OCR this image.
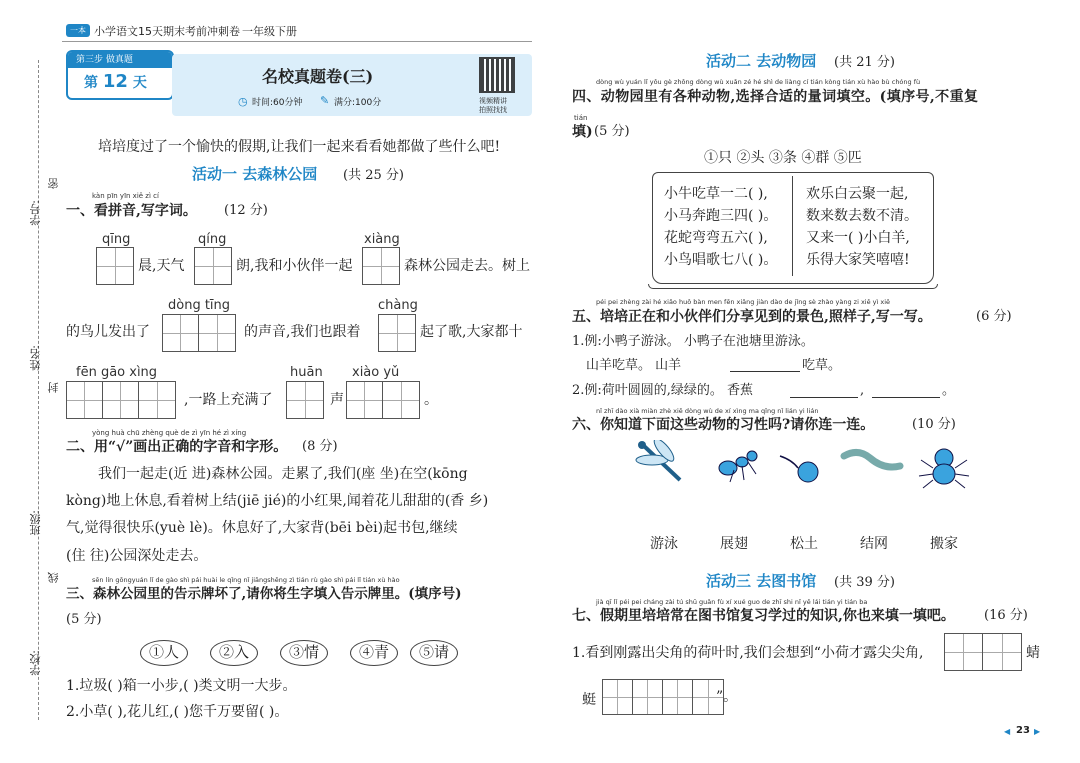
一本 小学语文15天期末考前冲刺卷 一年级下册
第三步 做真题
第 12 天	名校真题卷(三)
◷ 时间:60分钟 ✎ 满分:100分	视频精讲
拍照找找
密
学号:
姓名:
封
班级:
线
学校:
培培度过了一个愉快的假期,让我们一起来看看她都做了些什么吧!
活动一 去森林公园 (共 25 分)
kàn pīn yīn xiě zì cí
一、看拼音,写字词。 (12 分)
qīng
晨,天气
qíng
朗,我和小伙伴一起
xiàng
森林公园走去。树上
dòng tīng
的鸟儿发出了	的声音,我们也跟着
chàng
起了歌,大家都十
fēn gāo xìng
,一路上充满了
huān
声
xiào yǔ
。
yòng huà chū zhèng què de zì yīn hé zì xíng
二、用“√”画出正确的字音和字形。 (8 分)
我们一起走(近 进)森林公园。走累了,我们(座 坐)在空(kōng
kòng)地上休息,看着树上结(jiē jié)的小红果,闻着花儿甜甜的(香 乡)
气,觉得很快乐(yuè lè)。休息好了,大家背(bēi bèi)起书包,继续
(住 往)公园深处走去。
sēn lín gōngyuán lǐ de gào shì pái huài le qǐng nǐ jiāngshēng zì tián rù gào shì pái lǐ tián xù hào
三、森林公园里的告示牌坏了,请你将生字填入告示牌里。(填序号)
(5 分)
①人	②入	③情	④青	⑤请
1.垃圾( )箱一小步,( )类文明一大步。
2.小草( ),花儿红,( )您千万要留( )。
活动二 去动物园 (共 21 分)
dòng wù yuán lǐ yǒu gè zhǒng dòng wù xuǎn zé hé shì de liàng cí tián kòng tián xù hào bù chóng fù
四、动物园里有各种动物,选择合适的量词填空。(填序号,不重复
tián
填) (5 分)
①只 ②头 ③条 ④群 ⑤匹
小牛吃草一二( ),
小马奔跑三四( )。
花蛇弯弯五六( ),
小鸟唱歌七八( )。
欢乐白云聚一起,
数来数去数不清。
又来一( )小白羊,
乐得大家笑嘻嘻!
péi pei zhèng zài hé xiǎo huǒ bàn men fēn xiǎng jiàn dào de jǐng sè zhào yàng zi xiě yì xiě
五、培培正在和小伙伴们分享见到的景色,照样子,写一写。	(6 分)
1.例:小鸭子游泳。 小鸭子在池塘里游泳。
山羊吃草。 山羊	吃草。
2.例:荷叶圆圆的,绿绿的。 香蕉	,	。
nǐ zhī dào xià miàn zhè xiē dòng wù de xí xìng ma qǐng nǐ lián yi lián
六、你知道下面这些动物的习性吗?请你连一连。	(10 分)
游泳	展翅	松土	结网	搬家
活动三 去图书馆 (共 39 分)
jià qī lǐ péi pei cháng zài tú shū guǎn fù xí xué guo de zhī shi nǐ yě lái tián yi tián ba
七、假期里培培常在图书馆复习学过的知识,你也来填一填吧。 (16 分)
1.看到刚露出尖角的荷叶时,我们会想到“小荷才露尖尖角,	蜻
蜓	”。
◀ 23 ▶
